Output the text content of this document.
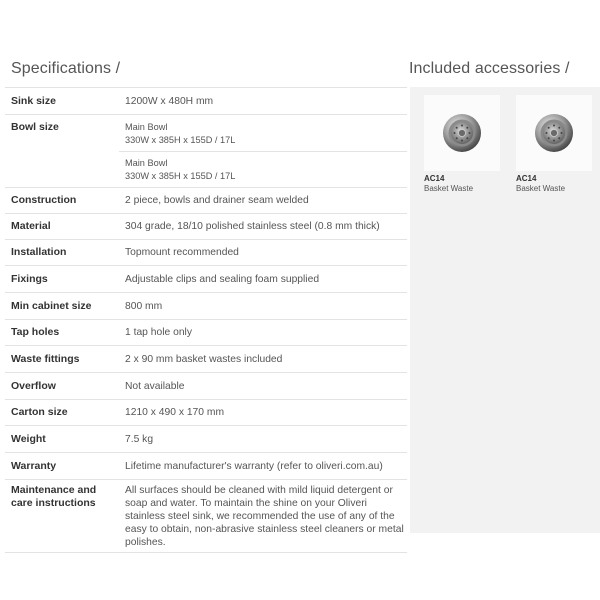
Specifications /	Included accessories /
Sink size	1200W x 480H mm
Bowl size	Main Bowl
330W x 385H x 155D / 17L
Main Bowl
330W x 385H x 155D / 17L

Construction	2 piece, bowls and drainer seam welded
Material	304 grade, 18/10 polished stainless steel (0.8 mm thick)
Installation	Topmount recommended
Fixings	Adjustable clips and sealing foam supplied
Min cabinet size	800 mm
Tap holes	1 tap hole only
Waste fittings	2 x 90 mm basket wastes included
Overflow	Not available
Carton size	1210 x 490 x 170 mm
Weight	7.5 kg
Warranty	Lifetime manufacturer's warranty (refer to oliveri.com.au)
Maintenance and care instructions	All surfaces should be cleaned with mild liquid detergent or soap and water. To maintain the shine on your Oliveri stainless steel sink, we recommended the use of any of the easy to obtain, non-abrasive stainless steel cleaners or metal polishes.
AC14
Basket Waste
AC14
Basket Waste
